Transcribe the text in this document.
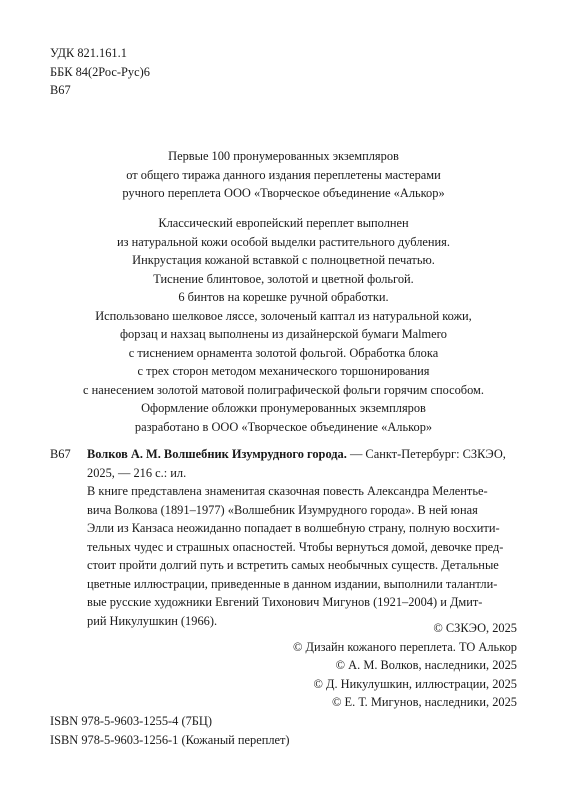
УДК 821.161.1
ББК 84(2Рос-Рус)6
В67
Первые 100 пронумерованных экземпляров
от общего тиража данного издания переплетены мастерами
ручного переплета ООО «Творческое объединение «Алькор»
Классический европейский переплет выполнен
из натуральной кожи особой выделки растительного дубления.
Инкрустация кожаной вставкой с полноцветной печатью.
Тиснение блинтовое, золотой и цветной фольгой.
6 бинтов на корешке ручной обработки.
Использовано шелковое ляссе, золоченый каптал из натуральной кожи,
форзац и нахзац выполнены из дизайнерской бумаги Malmero
с тиснением орнамента золотой фольгой. Обработка блока
с трех сторон методом механического торшонирования
с нанесением золотой матовой полиграфической фольги горячим способом.
Оформление обложки пронумерованных экземпляров
разработано в ООО «Творческое объединение «Алькор»
В67 Волков А. М. Волшебник Изумрудного города. — Санкт-Петербург: СЗКЭО,
2025, — 216 с.: ил.
В книге представлена знаменитая сказочная повесть Александра Мелентье-
вича Волкова (1891–1977) «Волшебник Изумрудного города». В ней юная
Элли из Канзаса неожиданно попадает в волшебную страну, полную восхити-
тельных чудес и страшных опасностей. Чтобы вернуться домой, девочке пред-
стоит пройти долгий путь и встретить самых необычных существ. Детальные
цветные иллюстрации, приведенные в данном издании, выполнили талантли-
вые русские художники Евгений Тихонович Мигунов (1921–2004) и Дмит-
рий Никулушкин (1966).
© СЗКЭО, 2025
© Дизайн кожаного переплета. ТО Алькор
© А. М. Волков, наследники, 2025
© Д. Никулушкин, иллюстрации, 2025
© Е. Т. Мигунов, наследники, 2025
ISBN 978-5-9603-1255-4 (7БЦ)
ISBN 978-5-9603-1256-1 (Кожаный переплет)
